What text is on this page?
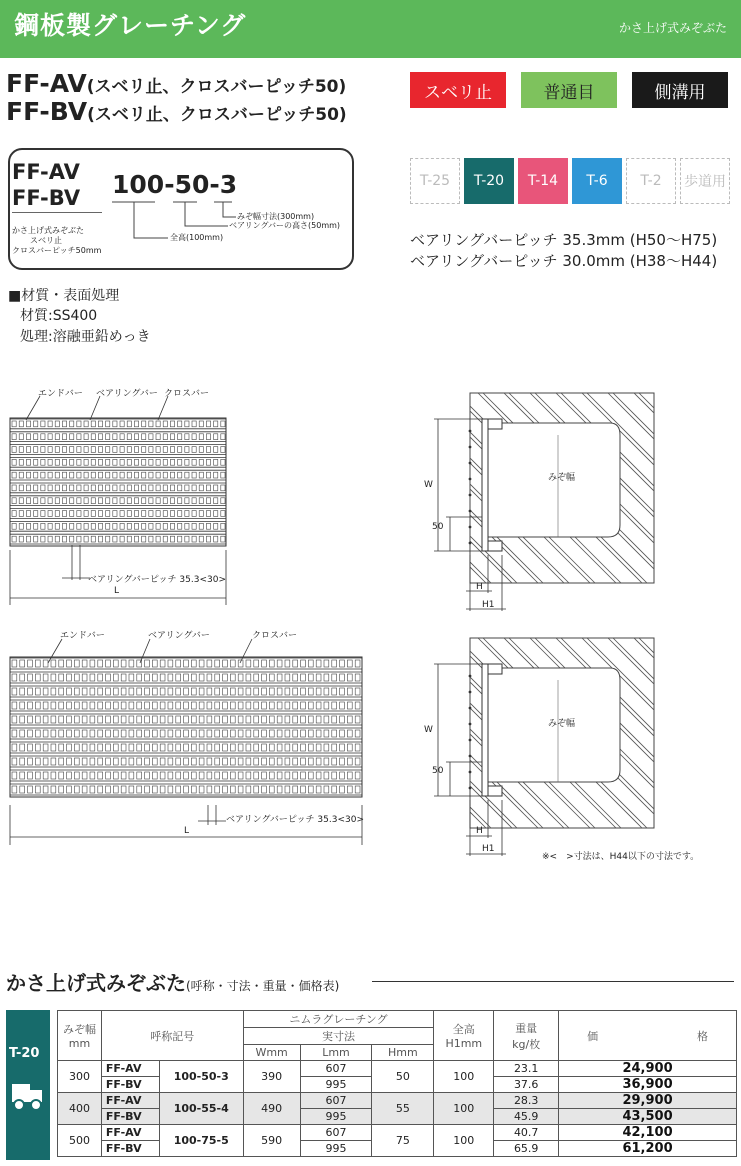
鋼板製グレーチング	かさ上げ式みぞぶた
FF-AV(スベリ止、クロスバーピッチ50)
FF-BV(スベリ止、クロスバーピッチ50)
スベリ止	普通目	側溝用
T-25	T-20	T-14	T-6	T-2	歩道用
ベアリングバーピッチ 35.3mm (H50〜H75)
ベアリングバーピッチ 30.0mm (H38〜H44)
FF-AV
FF-BV
かさ上げ式みぞぶた
スベリ止
クロスバーピッチ50mm
100-50-3
みぞ幅寸法(300mm)
ベアリングバーの高さ(50mm)
全高(100mm)
■材質・表面処理
材質:SS400
処理:溶融亜鉛めっき
エンドバー ベアリングバー クロスバー
ベアリングバーピッチ 35.3<30>
L
エンドバー	ベアリングバー	クロスバー
ベアリングバーピッチ 35.3<30>
L
W
50
H
H1
みぞ幅
W
50
H
H1
みぞ幅
※<　>寸法は、H44以下の寸法です。
かさ上げ式みぞぶた(呼称・寸法・重量・価格表)
T-20
みぞ幅
mm	呼称記号		ニムラグレーチング			全高
H1mm	重量
kg/枚	価　　　　　　　　　格
			実寸法					
			Wmm	Lmm	Hmm			
300	FF-AV	100-50-3	390	607	50	100	23.1	24,900
	FF-BV			995			37.6	36,900
400	FF-AV	100-55-4	490	607	55	100	28.3	29,900
	FF-BV			995			45.9	43,500
500	FF-AV	100-75-5	590	607	75	100	40.7	42,100
	FF-BV			995			65.9	61,200
